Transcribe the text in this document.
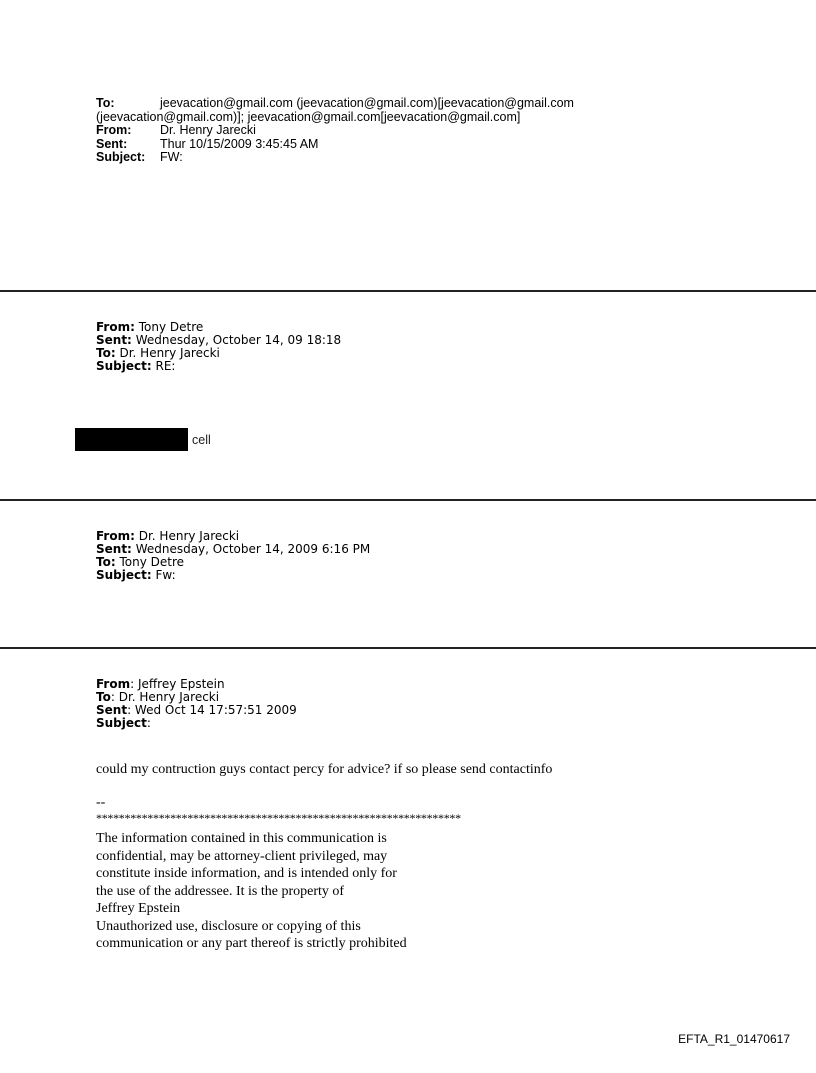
To:	jeevacation@gmail.com (jeevacation@gmail.com)[jeevacation@gmail.com
(jeevacation@gmail.com)]; jeevacation@gmail.com[jeevacation@gmail.com]
From: Dr. Henry Jarecki
Sent:	Thur 10/15/2009 3:45:45 AM
Subject: FW:
From: Tony Detre
Sent: Wednesday, October 14, 09 18:18
To: Dr. Henry Jarecki
Subject: RE:
cell
From: Dr. Henry Jarecki
Sent: Wednesday, October 14, 2009 6:16 PM
To: Tony Detre
Subject: Fw:
From: Jeffrey Epstein
To: Dr. Henry Jarecki
Sent: Wed Oct 14 17:57:51 2009
Subject:
could my contruction guys contact percy for advice? if so please send contactinfo
--
****************************************************************
The information contained in this communication is
confidential, may be attorney-client privileged, may
constitute inside information, and is intended only for
the use of the addressee. It is the property of
Jeffrey Epstein
Unauthorized use, disclosure or copying of this
communication or any part thereof is strictly prohibited
EFTA_R1_01470617
